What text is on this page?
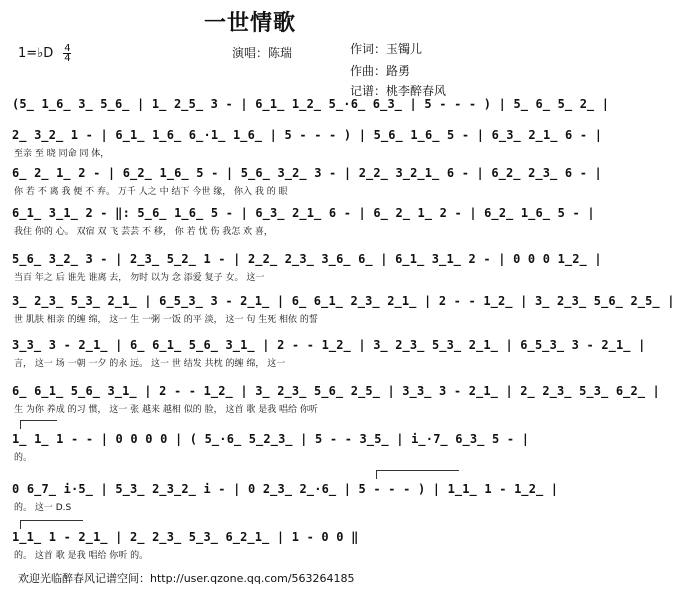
一世情歌
1=♭D $\frac{4}{4}$	演唱：陈瑞	作词：玉镯儿
作曲：路勇
记谱：桃李醉春风
(5̲ 1̲6̲ 3̲ 5̲6̲ | 1̲ 2̲5̲ 3 - | 6̲1̲ 1̲2̲ 5̲·6̲ 6̲3̲ | 5 - - - ) | 5̲ 6̲ 5̲ 2̲ |
2̲ 3̲2̲ 1 - | 6̲1̲ 1̲6̲ 6̲·1̲ 1̲6̲ | 5 - - - ) | 5̲6̲ 1̲6̲ 5 - | 6̲3̲ 2̲1̲ 6 - |
至亲 至 晓 同命 同 体，
6̲ 2̲ 1̲ 2 - | 6̲2̲ 1̲6̲ 5 - | 5̲6̲ 3̲2̲ 3 - | 2̲2̲ 3̲2̲1̲ 6 - | 6̲2̲ 2̲3̲ 6 - |
你 若 不 离 我 便 不 弃。 万千 人之 中 结下 今世 缘， 你入 我 的 眼
6̲1̲ 3̲1̲ 2 - ‖: 5̲6̲ 1̲6̲ 5 - | 6̲3̲ 2̲1̲ 6 - | 6̲ 2̲ 1̲ 2 - | 6̲2̲ 1̲6̲ 5 - |
我住 你的 心。 双宿 双 飞 芸芸 不 移， 你 若 忧 伤 我怎 欢 喜，
5̲6̲ 3̲2̲ 3 - | 2̲3̲ 5̲2̲ 1 - | 2̲2̲ 2̲3̲ 3̲6̲ 6̲ | 6̲1̲ 3̲1̲ 2 - | 0 0 0 1̲2̲ |
当百 年之 后 谁先 谁离 去， 勿时 以为 念 添爱 复子 女。 这一
3̲ 2̲3̲ 5̲3̲ 2̲1̲ | 6̲5̲3̲ 3 - 2̲1̲ | 6̲ 6̲1̲ 2̲3̲ 2̲1̲ | 2 - - 1̲2̲ | 3̲ 2̲3̲ 5̲6̲ 2̲5̲ |
世 肌肤 相亲 的缠 绵， 这一 生 一粥 一饭 的平 淡， 这一 句 生死 相依 的誓
3̲3̲ 3 - 2̲1̲ | 6̲ 6̲1̲ 5̲6̲ 3̲1̲ | 2 - - 1̲2̲ | 3̲ 2̲3̲ 5̲3̲ 2̲1̲ | 6̲5̲3̲ 3 - 2̲1̲ |
言， 这一 场 一朝 一夕 的永 远。 这一 世 结发 共枕 的缠 绵， 这一
6̲ 6̲1̲ 5̲6̲ 3̲1̲ | 2 - - 1̲2̲ | 3̲ 2̲3̲ 5̲6̲ 2̲5̲ | 3̲3̲ 3 - 2̲1̲ | 2̲ 2̲3̲ 5̲3̲ 6̲2̲ |
生 为你 养成 的习 惯， 这一 张 越来 越相 似的 脸， 这首 歌 是我 唱给 你听
1̲ 1̲ 1 - - | 0 0 0 0 | ( 5̲·6̲ 5̲2̲3̲ | 5 - - 3̲5̲ | i̲·7̲ 6̲3̲ 5 - |
的。
0 6̲7̲ i·5̲ | 5̲3̲ 2̲3̲2̲ i - | 0 2̲3̲ 2̲·6̲ | 5 - - - ) | 1̲1̲ 1 - 1̲2̲ |
的。 这一 D.S
1̲1̲ 1 - 2̲1̲ | 2̲ 2̲3̲ 5̲3̲ 6̲2̲1̲ | 1 - 0 0 ‖
的。 这首 歌 是我 唱给 你听 的。
欢迎光临醉春风记谱空间：http://user.qzone.qq.com/563264185
